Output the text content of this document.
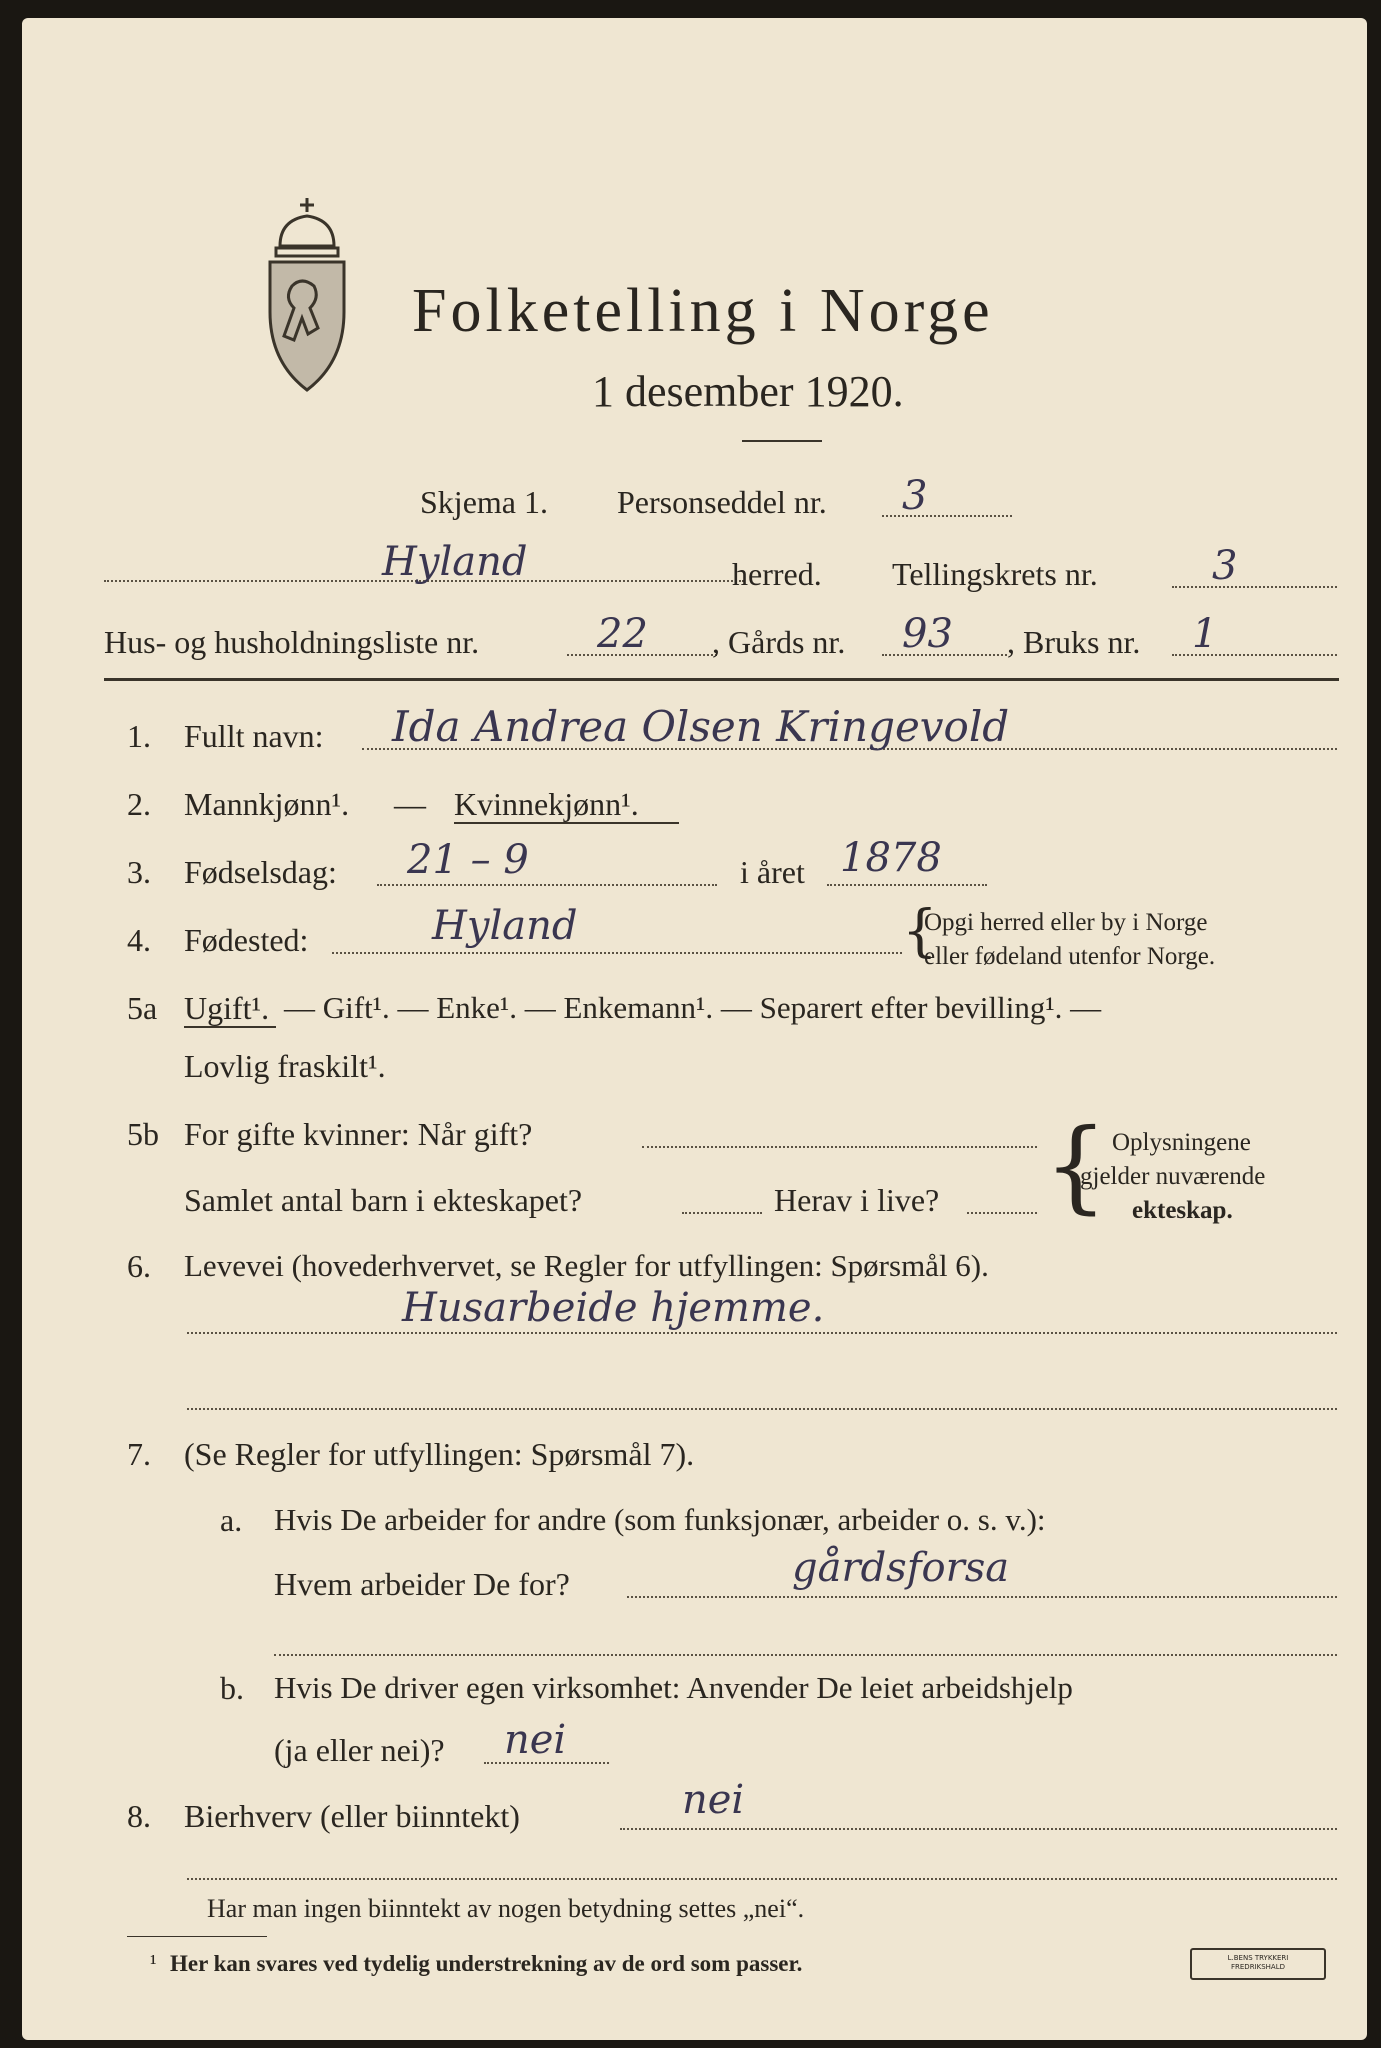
Folketelling i Norge
1 desember 1920.
Skjema 1. Personseddel nr. 3
Hyland	herred. Tellingskrets nr.	3
Hus- og husholdningsliste nr.	22 , Gårds nr. 93 , Bruks nr. 1
1. Fullt navn: Ida Andrea Olsen Kringevold
2. Mannkjønn¹. — Kvinnekjønn¹.
3. Fødselsdag: 21 – 9	i året 1878
4. Fødested:	Hyland	{
Opgi herred eller by i Norge
eller fødeland utenfor Norge.
5a Ugift¹. — Gift¹. — Enke¹. — Enkemann¹. — Separert efter bevilling¹. —
Lovlig fraskilt¹.
5b For gifte kvinner: Når gift?
Samlet antal barn i ekteskapet?	Herav i live? { Oplysningene
gjelder nuværende
ekteskap.
6. Levevei (hovederhvervet, se Regler for utfyllingen: Spørsmål 6).
Husarbeide hjemme.
7. (Se Regler for utfyllingen: Spørsmål 7).
a. Hvis De arbeider for andre (som funksjonær, arbeider o. s. v.):
Hvem arbeider De for?	gårdsforsa
b. Hvis De driver egen virksomhet: Anvender De leiet arbeidshjelp
(ja eller nei)? nei
8. Bierhverv (eller biinntekt)	nei
Har man ingen biinntekt av nogen betydning settes „nei“.
¹ Her kan svares ved tydelig understrekning av de ord som passer.	L.BENS TRYKKERI
FREDRIKSHALD
